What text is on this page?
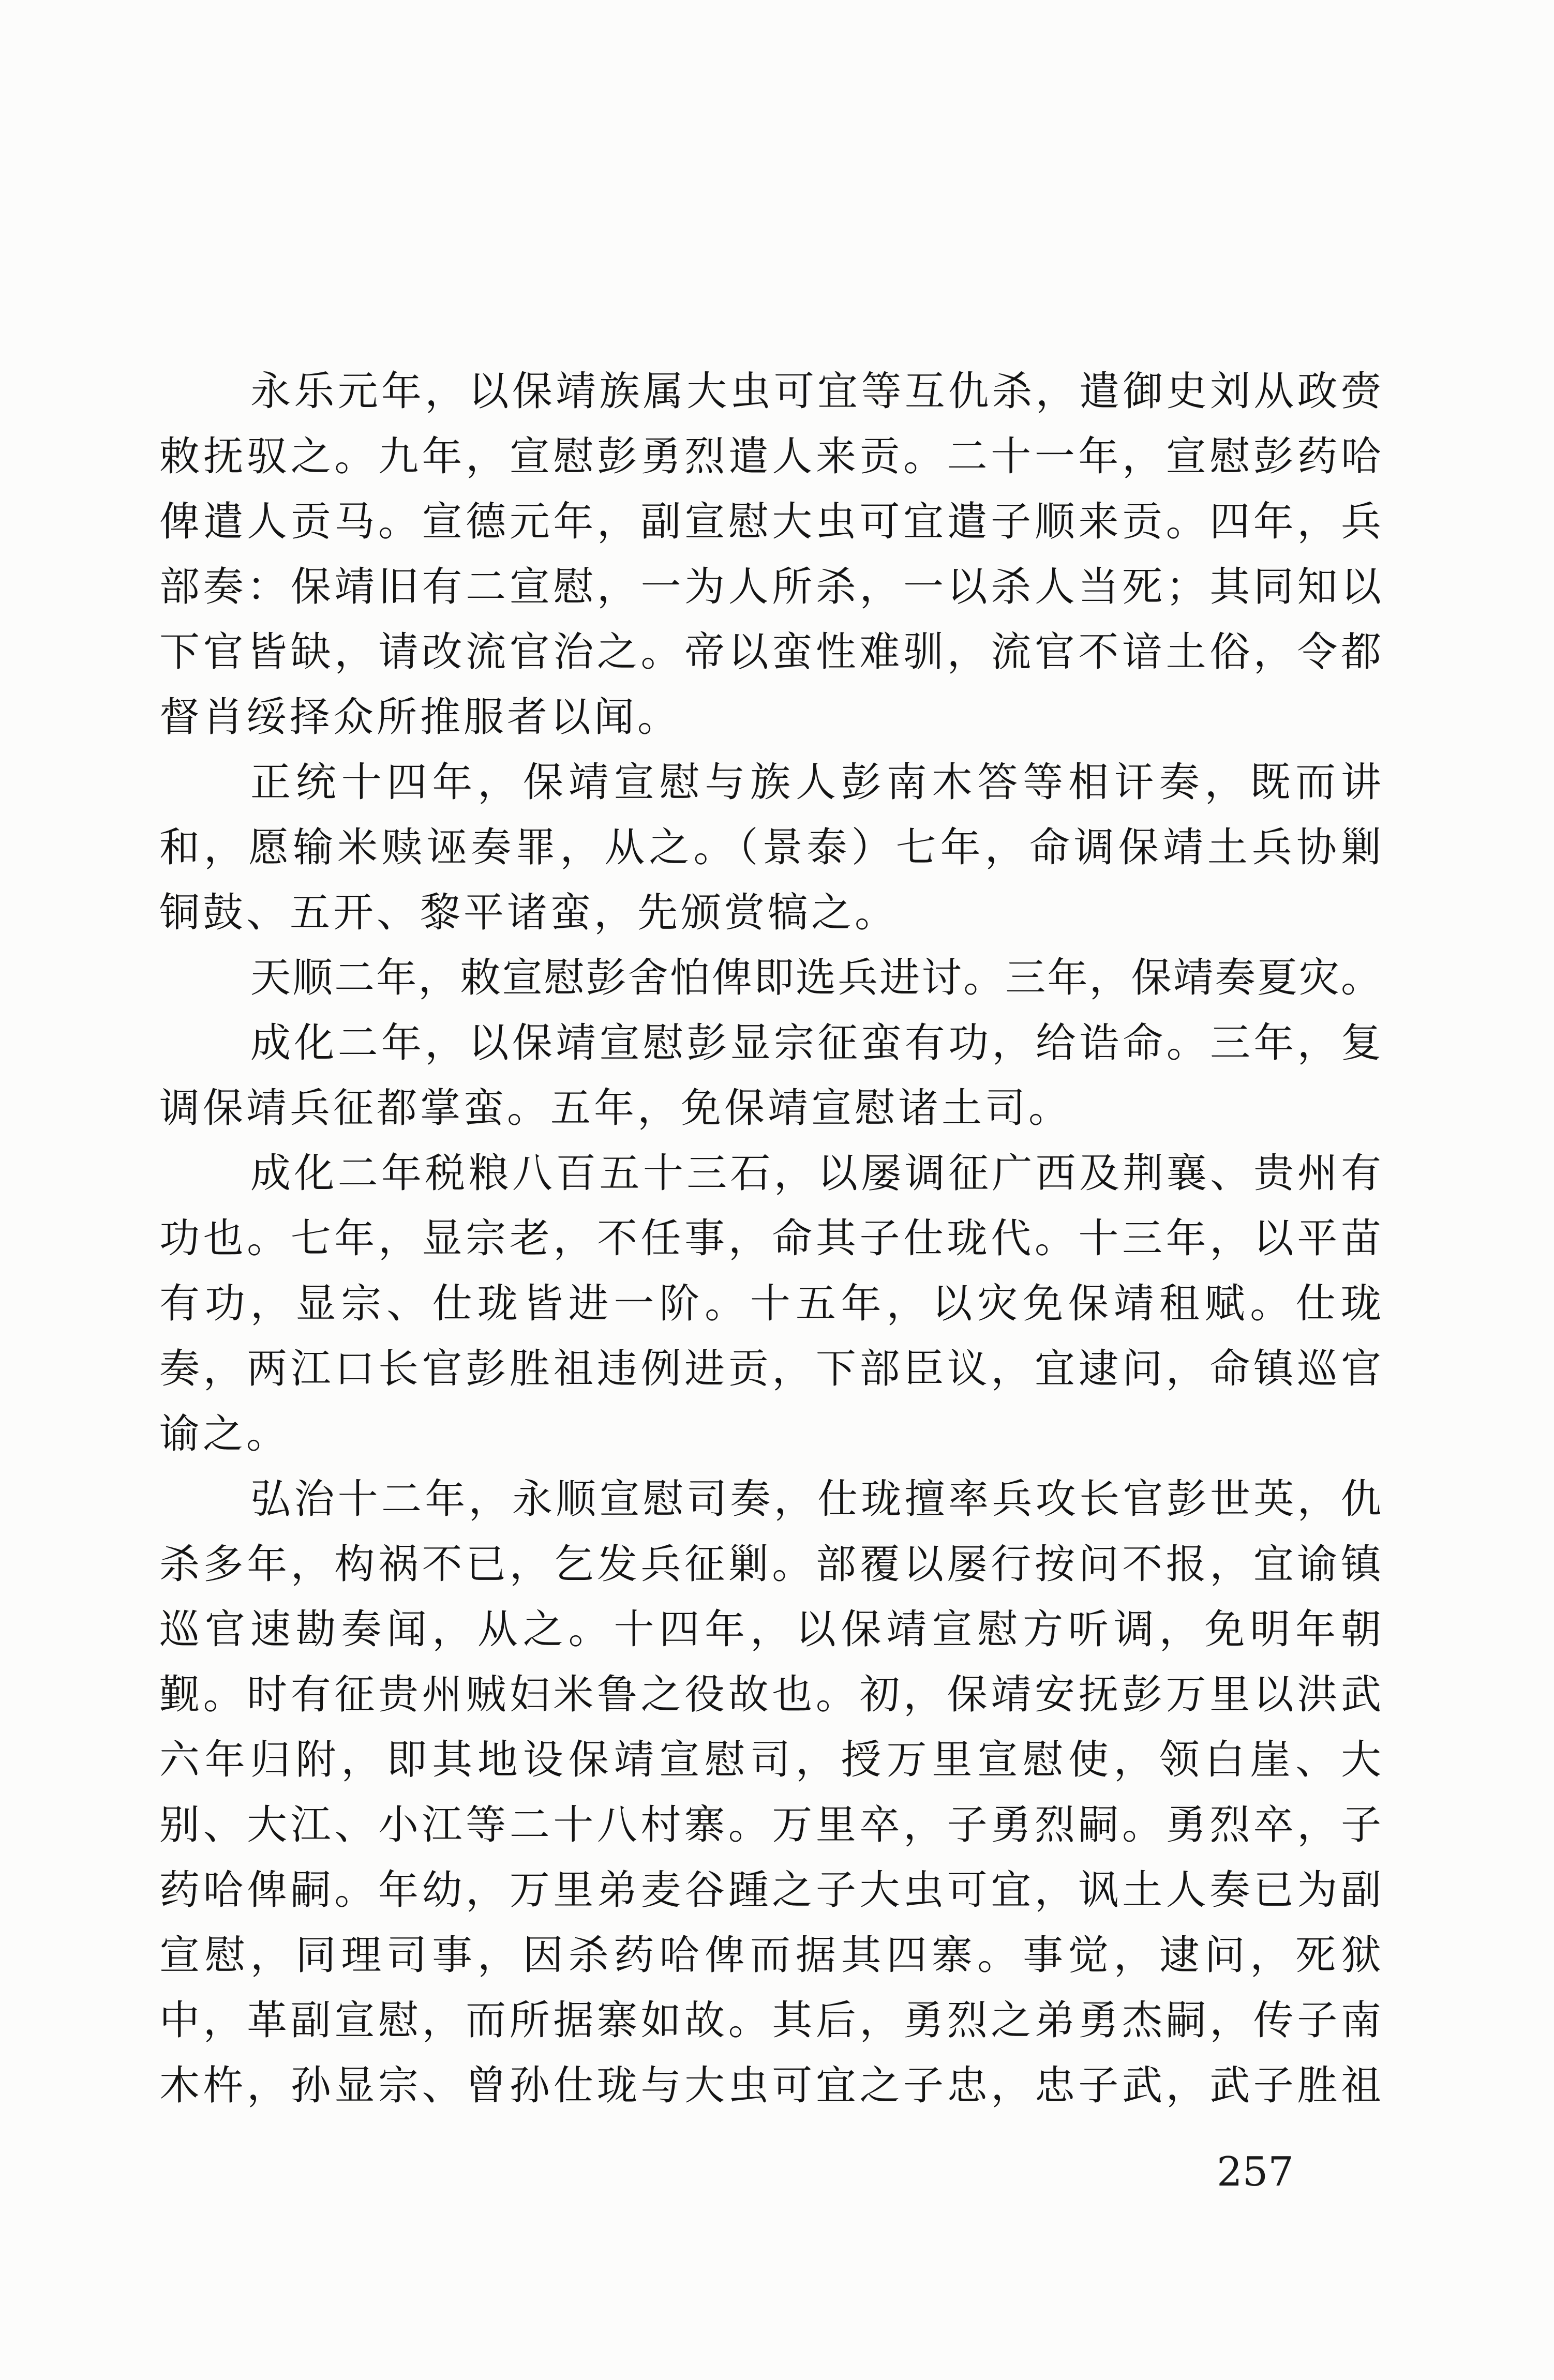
永乐元年，以保靖族属大虫可宜等互仇杀，遣御史刘从政赍
敕抚驭之。九年，宣慰彭勇烈遣人来贡。二十一年，宣慰彭药哈
俾遣人贡马。宣德元年，副宣慰大虫可宜遣子顺来贡。四年，兵
部奏：保靖旧有二宣慰，一为人所杀，一以杀人当死；其同知以
下官皆缺，请改流官治之。帝以蛮性难驯，流官不谙土俗，令都
督肖绥择众所推服者以闻。
正统十四年，保靖宣慰与族人彭南木答等相讦奏，既而讲
和，愿输米赎诬奏罪，从之。（景泰）七年，命调保靖土兵协剿
铜鼓、五开、黎平诸蛮，先颁赏犒之。
天顺二年，敕宣慰彭舍怕俾即选兵进讨。三年，保靖奏夏灾。
成化二年，以保靖宣慰彭显宗征蛮有功，给诰命。三年，复
调保靖兵征都掌蛮。五年，免保靖宣慰诸土司。
成化二年税粮八百五十三石，以屡调征广西及荆襄、贵州有
功也。七年，显宗老，不任事，命其子仕珑代。十三年，以平苗
有功，显宗、仕珑皆进一阶。十五年，以灾免保靖租赋。仕珑
奏，两江口长官彭胜祖违例进贡，下部臣议，宜逮问，命镇巡官
谕之。
弘治十二年，永顺宣慰司奏，仕珑擅率兵攻长官彭世英，仇
杀多年，构祸不已，乞发兵征剿。部覆以屡行按问不报，宜谕镇
巡官速勘奏闻，从之。十四年，以保靖宣慰方听调，免明年朝
觐。时有征贵州贼妇米鲁之役故也。初，保靖安抚彭万里以洪武
六年归附，即其地设保靖宣慰司，授万里宣慰使，领白崖、大
别、大江、小江等二十八村寨。万里卒，子勇烈嗣。勇烈卒，子
药哈俾嗣。年幼，万里弟麦谷踵之子大虫可宜，讽土人奏已为副
宣慰，同理司事，因杀药哈俾而据其四寨。事觉，逮问，死狱
中，革副宣慰，而所据寨如故。其后，勇烈之弟勇杰嗣，传子南
木杵，孙显宗、曾孙仕珑与大虫可宜之子忠，忠子武，武子胜祖
257
